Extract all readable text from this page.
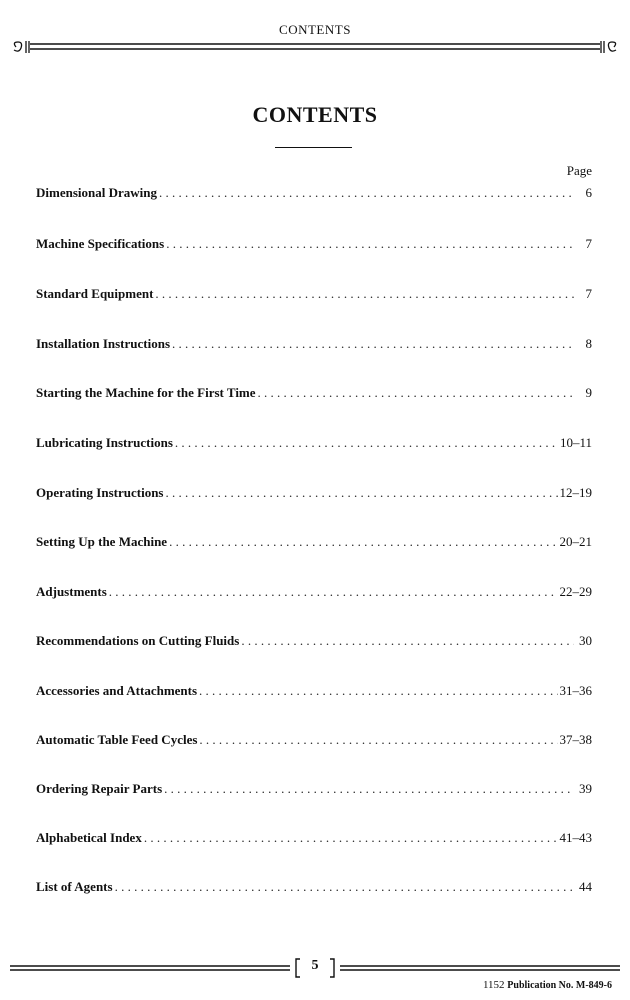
CONTENTS
CONTENTS
Page
Dimensional Drawing . . .	6
Machine Specifications . . .	7
Standard Equipment . . .	7
Installation Instructions . . .	8
Starting the Machine for the First Time . . .	9
Lubricating Instructions . . .	10–11
Operating Instructions . . .	12–19
Setting Up the Machine . . .	20–21
Adjustments . . .	22–29
Recommendations on Cutting Fluids . . .	30
Accessories and Attachments . . .	31–36
Automatic Table Feed Cycles . . .	37–38
Ordering Repair Parts . . .	39
Alphabetical Index . . .	41–43
List of Agents . . .	44
5
1152 Publication No. M-849-6
